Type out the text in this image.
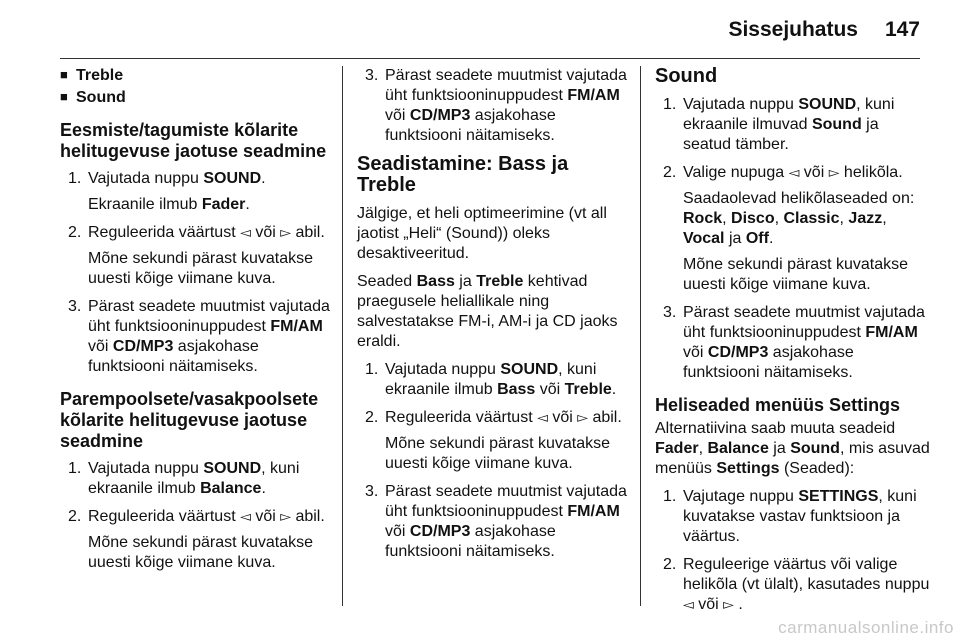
Sissejuhatus 147
■ Treble
■ Sound
Eesmiste/tagumiste kõlarite helitugevuse jaotuse seadmine
1. Vajutada nuppu SOUND.
Ekraanile ilmub Fader.
2. Reguleerida väärtust ◅ või ▻ abil.
Mõne sekundi pärast kuvatakse uuesti kõige viimane kuva.
3. Pärast seadete muutmist vajutada üht funktsiooninuppudest FM/AM või CD/MP3 asjakohase funktsiooni näitamiseks.
Parempoolsete/vasakpoolsete kõlarite helitugevuse jaotuse seadmine
1. Vajutada nuppu SOUND, kuni ekraanile ilmub Balance.
2. Reguleerida väärtust ◅ või ▻ abil.
Mõne sekundi pärast kuvatakse uuesti kõige viimane kuva.
3. Pärast seadete muutmist vajutada üht funktsiooninuppudest FM/AM või CD/MP3 asjakohase funktsiooni näitamiseks.
Seadistamine: Bass ja Treble

Jälgige, et heli optimeerimine (vt all jaotist „Heli“ (Sound)) oleks desaktiveeritud.

Seaded Bass ja Treble kehtivad praegusele heliallikale ning salvestatakse FM-i, AM-i ja CD jaoks eraldi.

1. Vajutada nuppu SOUND, kuni ekraanile ilmub Bass või Treble.
2. Reguleerida väärtust ◅ või ▻ abil.
Mõne sekundi pärast kuvatakse uuesti kõige viimane kuva.
3. Pärast seadete muutmist vajutada üht funktsiooninuppudest FM/AM või CD/MP3 asjakohase funktsiooni näitamiseks.
Sound
1. Vajutada nuppu SOUND, kuni ekraanile ilmuvad Sound ja seatud tämber.
2. Valige nupuga ◅ või ▻ helikõla.
Saadaolevad helikõlaseaded on: Rock, Disco, Classic, Jazz, Vocal ja Off.
Mõne sekundi pärast kuvatakse uuesti kõige viimane kuva.
3. Pärast seadete muutmist vajutada üht funktsiooninuppudest FM/AM või CD/MP3 asjakohase funktsiooni näitamiseks.
Heliseaded menüüs Settings

Alternatiivina saab muuta seadeid Fader, Balance ja Sound, mis asuvad menüüs Settings (Seaded):

1. Vajutage nuppu SETTINGS, kuni kuvatakse vastav funktsioon ja väärtus.
2. Reguleerige väärtus või valige helikõla (vt ülalt), kasutades nuppu ◅ või ▻ .
carmanualsonline.info
